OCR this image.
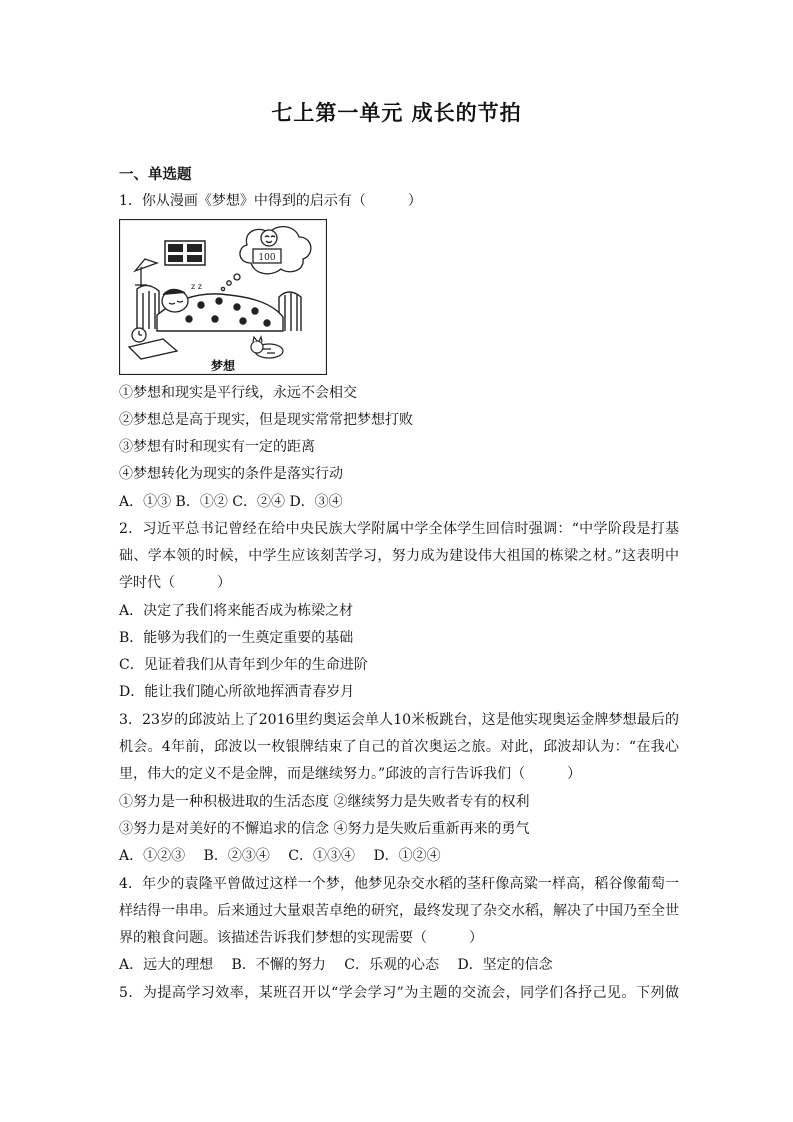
七上第一单元 成长的节拍
一、单选题
1．你从漫画《梦想》中得到的启示有（　　　）
100
z z
梦想
①梦想和现实是平行线，永远不会相交
②梦想总是高于现实，但是现实常常把梦想打败
③梦想有时和现实有一定的距离
④梦想转化为现实的条件是落实行动
A．①③ B．①② C．②④ D．③④
2．习近平总书记曾经在给中央民族大学附属中学全体学生回信时强调：“中学阶段是打基
础、学本领的时候，中学生应该刻苦学习，努力成为建设伟大祖国的栋梁之材。”这表明中
学时代（　　　）
A．决定了我们将来能否成为栋梁之材
B．能够为我们的一生奠定重要的基础
C．见证着我们从青年到少年的生命进阶
D．能让我们随心所欲地挥洒青春岁月
3．23岁的邱波站上了2016里约奥运会单人10米板跳台，这是他实现奥运金牌梦想最后的
机会。4年前，邱波以一枚银牌结束了自己的首次奥运之旅。对此，邱波却认为：“在我心
里，伟大的定义不是金牌，而是继续努力。”邱波的言行告诉我们（　　　）
①努力是一种积极进取的生活态度 ②继续努力是失败者专有的权利
③努力是对美好的不懈追求的信念 ④努力是失败后重新再来的勇气
A．①②③　 B．②③④　 C．①③④　 D．①②④
4．年少的袁隆平曾做过这样一个梦，他梦见杂交水稻的茎秆像高粱一样高，稻谷像葡萄一
样结得一串串。后来通过大量艰苦卓绝的研究，最终发现了杂交水稻，解决了中国乃至全世
界的粮食问题。该描述告诉我们梦想的实现需要（　　　）
A．远大的理想　 B．不懈的努力　 C．乐观的心态　 D．坚定的信念
5．为提高学习效率，某班召开以“学会学习”为主题的交流会，同学们各抒己见。下列做
